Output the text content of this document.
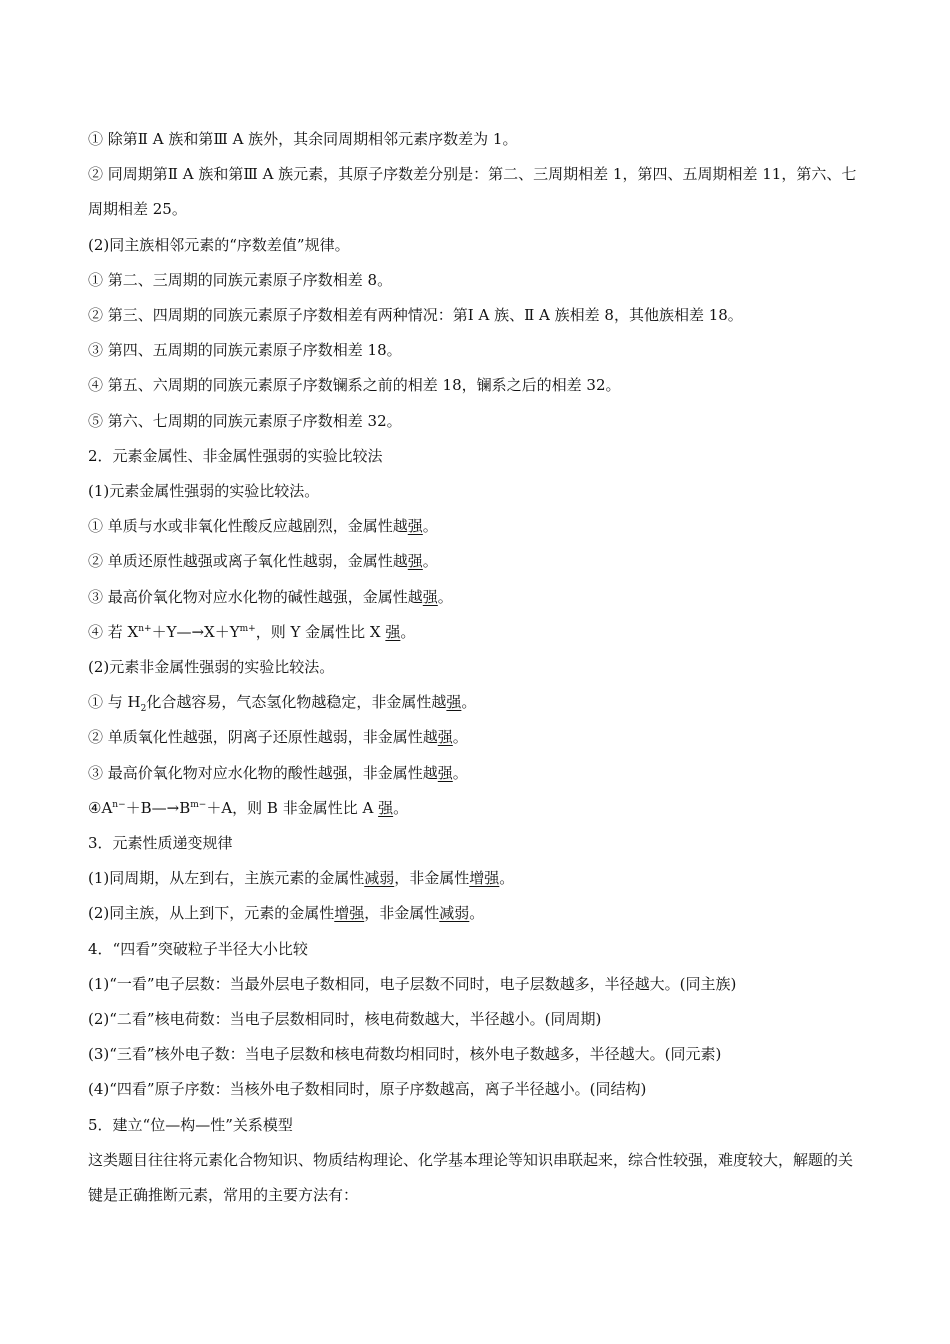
① 除第Ⅱ A 族和第Ⅲ A 族外，其余同周期相邻元素序数差为 1。
② 同周期第Ⅱ A 族和第Ⅲ A 族元素，其原子序数差分别是：第二、三周期相差 1，第四、五周期相差 11，第六、七周期相差 25。
(2)同主族相邻元素的“序数差值”规律。
① 第二、三周期的同族元素原子序数相差 8。
② 第三、四周期的同族元素原子序数相差有两种情况：第Ⅰ A 族、Ⅱ A 族相差 8，其他族相差 18。
③ 第四、五周期的同族元素原子序数相差 18。
④ 第五、六周期的同族元素原子序数镧系之前的相差 18，镧系之后的相差 32。
⑤ 第六、七周期的同族元素原子序数相差 32。
2．元素金属性、非金属性强弱的实验比较法
(1)元素金属性强弱的实验比较法。
① 单质与水或非氧化性酸反应越剧烈，金属性越强。
② 单质还原性越强或离子氧化性越弱，金属性越强。
③ 最高价氧化物对应水化物的碱性越强，金属性越强。
④ 若 $X^{n+}+Y—\to X+Y^{m+}$，则 Y 金属性比 X 强。
(2)元素非金属性强弱的实验比较法。
① 与 $H_2$化合越容易，气态氢化物越稳定，非金属性越强。
② 单质氧化性越强，阴离子还原性越弱，非金属性越强。
③ 最高价氧化物对应水化物的酸性越强，非金属性越强。
$④A^{n-}+B—\to B^{m-}+A$，则 B 非金属性比 A 强。
3．元素性质递变规律
(1)同周期，从左到右，主族元素的金属性减弱，非金属性增强。
(2)同主族，从上到下，元素的金属性增强，非金属性减弱。
4．“四看”突破粒子半径大小比较
(1)“一看”电子层数：当最外层电子数相同，电子层数不同时，电子层数越多，半径越大。(同主族)
(2)“二看”核电荷数：当电子层数相同时，核电荷数越大，半径越小。(同周期)
(3)“三看”核外电子数：当电子层数和核电荷数均相同时，核外电子数越多，半径越大。(同元素)
(4)“四看”原子序数：当核外电子数相同时，原子序数越高，离子半径越小。(同结构)
5．建立“位—构—性”关系模型
这类题目往往将元素化合物知识、物质结构理论、化学基本理论等知识串联起来，综合性较强，难度较大，解题的关键是正确推断元素，常用的主要方法有：
